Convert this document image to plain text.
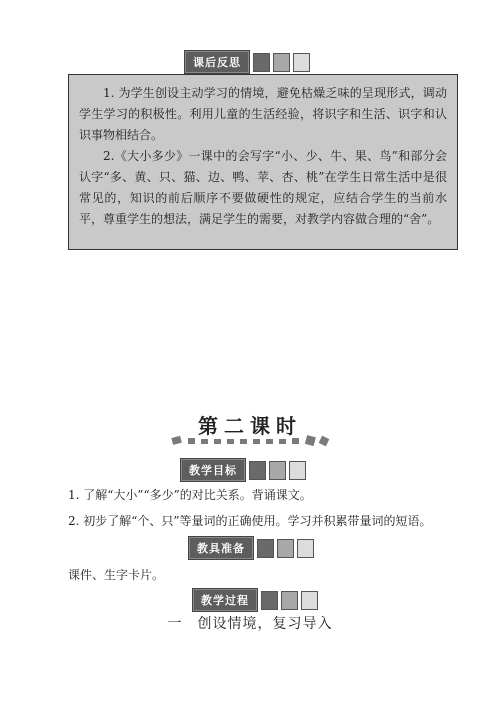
课后反思

1. 为学生创设主动学习的情境，避免枯燥乏味的呈现形式，调动学生学习的积极性。利用儿童的生活经验，将识字和生活、识字和认识事物相结合。

2.《大小多少》一课中的会写字“小、少、牛、果、鸟”和部分会认字“多、黄、只、猫、边、鸭、苹、杏、桃”在学生日常生活中是很常见的，知识的前后顺序不要做硬性的规定，应结合学生的当前水平，尊重学生的想法，满足学生的需要，对教学内容做合理的“舍”。

第二课时
教学目标
1. 了解“大小”“多少”的对比关系。背诵课文。
2. 初步了解“个、只”等量词的正确使用。学习并积累带量词的短语。
教具准备
课件、生字卡片。
教学过程
一　创设情境，复习导入
